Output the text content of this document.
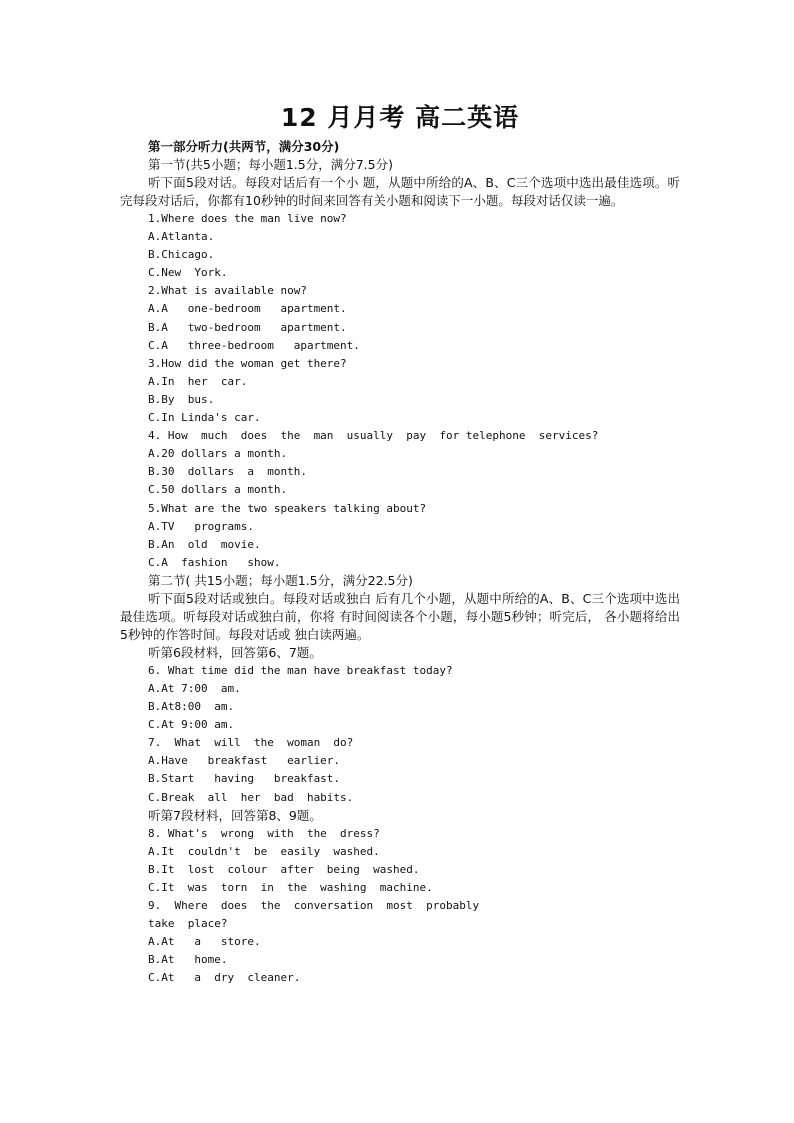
12 月月考 高二英语

第一部分听力(共两节，满分30分)

第一节(共5小题；每小题1.5分，满分7.5分)

听下面5段对话。每段对话后有一个小 题，从题中所给的A、B、C三个选项中选出最佳选项。听完每段对话后，你都有10秒钟的时间来回答有关小题和阅读下一小题。每段对话仅读一遍。

1.Where does the man live now?

A.Atlanta.

B.Chicago.

C.New  York.

2.What is available now?

A.A   one-bedroom   apartment.

B.A   two-bedroom   apartment.

C.A   three-bedroom   apartment.

3.How did the woman get there?

A.In  her  car.

B.By  bus.

C.In Linda's car.

4. How  much  does  the  man  usually  pay  for telephone  services?

A.20 dollars a month.

B.30  dollars  a  month.

C.50 dollars a month.

5.What are the two speakers talking about?

A.TV   programs.

B.An  old  movie.

C.A  fashion   show.

第二节( 共15小题；每小题1.5分，满分22.5分)

听下面5段对话或独白。每段对话或独白 后有几个小题，从题中所给的A、B、C三个选项中选出最佳选项。听每段对话或独白前，你将 有时间阅读各个小题，每小题5秒钟；听完后， 各小题将给出5秒钟的作答时间。每段对话或 独白读两遍。

听第6段材料，回答第6、7题。

6. What time did the man have breakfast today?

A.At 7:00  am.

B.At8:00  am.

C.At 9:00 am.

7.  What  will  the  woman  do?

A.Have   breakfast   earlier.

B.Start   having   breakfast.

C.Break  all  her  bad  habits.

听第7段材料，回答第8、9题。

8. What's  wrong  with  the  dress?

A.It  couldn't  be  easily  washed.

B.It  lost  colour  after  being  washed.

C.It  was  torn  in  the  washing  machine.

9.  Where  does  the  conversation  most  probably

take  place?

A.At   a   store.

B.At   home.

C.At   a  dry  cleaner.
